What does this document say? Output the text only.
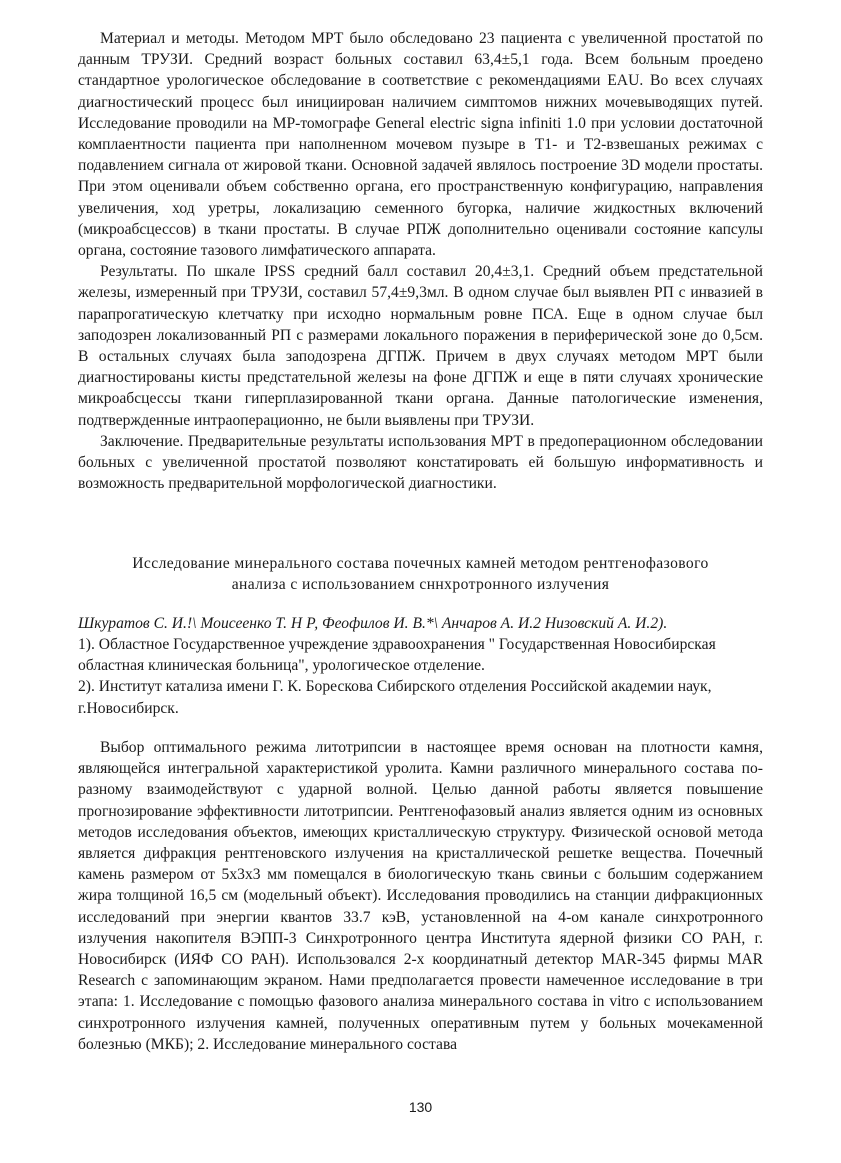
Материал и методы. Методом МРТ было обследовано 23 пациента с увеличенной простатой по данным ТРУЗИ. Средний возраст больных составил 63,4±5,1 года. Всем больным проедено стандартное урологическое обследование в соответствие с рекомендациями EAU. Во всех случаях диагностический процесс был инициирован наличием симптомов нижних мочевыводящих путей. Исследование проводили на МР-томографе General electric signa infiniti 1.0 при условии достаточной комплаентности пациента при наполненном мочевом пузыре в Т1- и Т2-взвешаных режимах с подавлением сигнала от жировой ткани. Основной задачей являлось построение 3D модели простаты. При этом оценивали объем собственно органа, его пространственную конфигурацию, направления увеличения, ход уретры, локализацию семенного бугорка, наличие жидкостных включений (микроабсцессов) в ткани простаты. В случае РПЖ дополнительно оценивали состояние капсулы органа, состояние тазового лимфатического аппарата.

Результаты. По шкале IPSS средний балл составил 20,4±3,1. Средний объем предстательной железы, измеренный при ТРУЗИ, составил 57,4±9,3мл. В одном случае был выявлен РП с инвазией в парапрогатическую клетчатку при исходно нормальным ровне ПСА. Еще в одном случае был заподозрен локализованный РП с размерами локального поражения в периферической зоне до 0,5см. В остальных случаях была заподозрена ДГПЖ. Причем в двух случаях методом МРТ были диагностированы кисты предстательной железы на фоне ДГПЖ и еще в пяти случаях хронические микроабсцессы ткани гиперплазированной ткани органа. Данные патологические изменения, подтвержденные интраоперационно, не были выявлены при ТРУЗИ.

Заключение. Предварительные результаты использования МРТ в предоперационном обследовании больных с увеличенной простатой позволяют констатировать ей большую информативность и возможность предварительной морфологической диагностики.

Исследование минерального состава почечных камней методом рентгенофазового
анализа с использованием сннхротронного излучения
Шкуратов С. И.!\ Моисеенко Т. Н Р, Феофилов И. В.*\ Анчаров А. И.2 Низовский А. И.2).

1). Областное Государственное учреждение здравоохранения " Государственная Новосибирская областная клиническая больница", урологическое отделение.

2). Институт катализа имени Г. К. Борескова Сибирского отделения Российской академии наук, г.Новосибирск.

Выбор оптимального режима литотрипсии в настоящее время основан на плотности камня, являющейся интегральной характеристикой уролита. Камни различного минерального состава по-разному взаимодействуют с ударной волной. Целью данной работы является повышение прогнозирование эффективности литотрипсии. Рентгенофазовый анализ является одним из основных методов исследования объектов, имеющих кристаллическую структуру. Физической основой метода является дифракция рентгеновского излучения на кристаллической решетке вещества. Почечный камень размером от 5x3x3 мм помещался в биологическую ткань свиньи с большим содержанием жира толщиной 16,5 см (модельный объект). Исследования проводились на станции дифракционных исследований при энергии квантов 33.7 кэВ, установленной на 4-ом канале синхротронного излучения накопителя ВЭПП-3 Синхротронного центра Института ядерной физики СО РАН, г. Новосибирск (ИЯФ СО РАН). Использовался 2-х координатный детектор MAR-345 фирмы MAR Research с запоминающим экраном. Нами предполагается провести намеченное исследование в три этапа: 1. Исследование с помощью фазового анализа минерального состава in vitro с использованием синхротронного излучения камней, полученных оперативным путем у больных мочекаменной болезнью (МКБ); 2. Исследование минерального состава

130
